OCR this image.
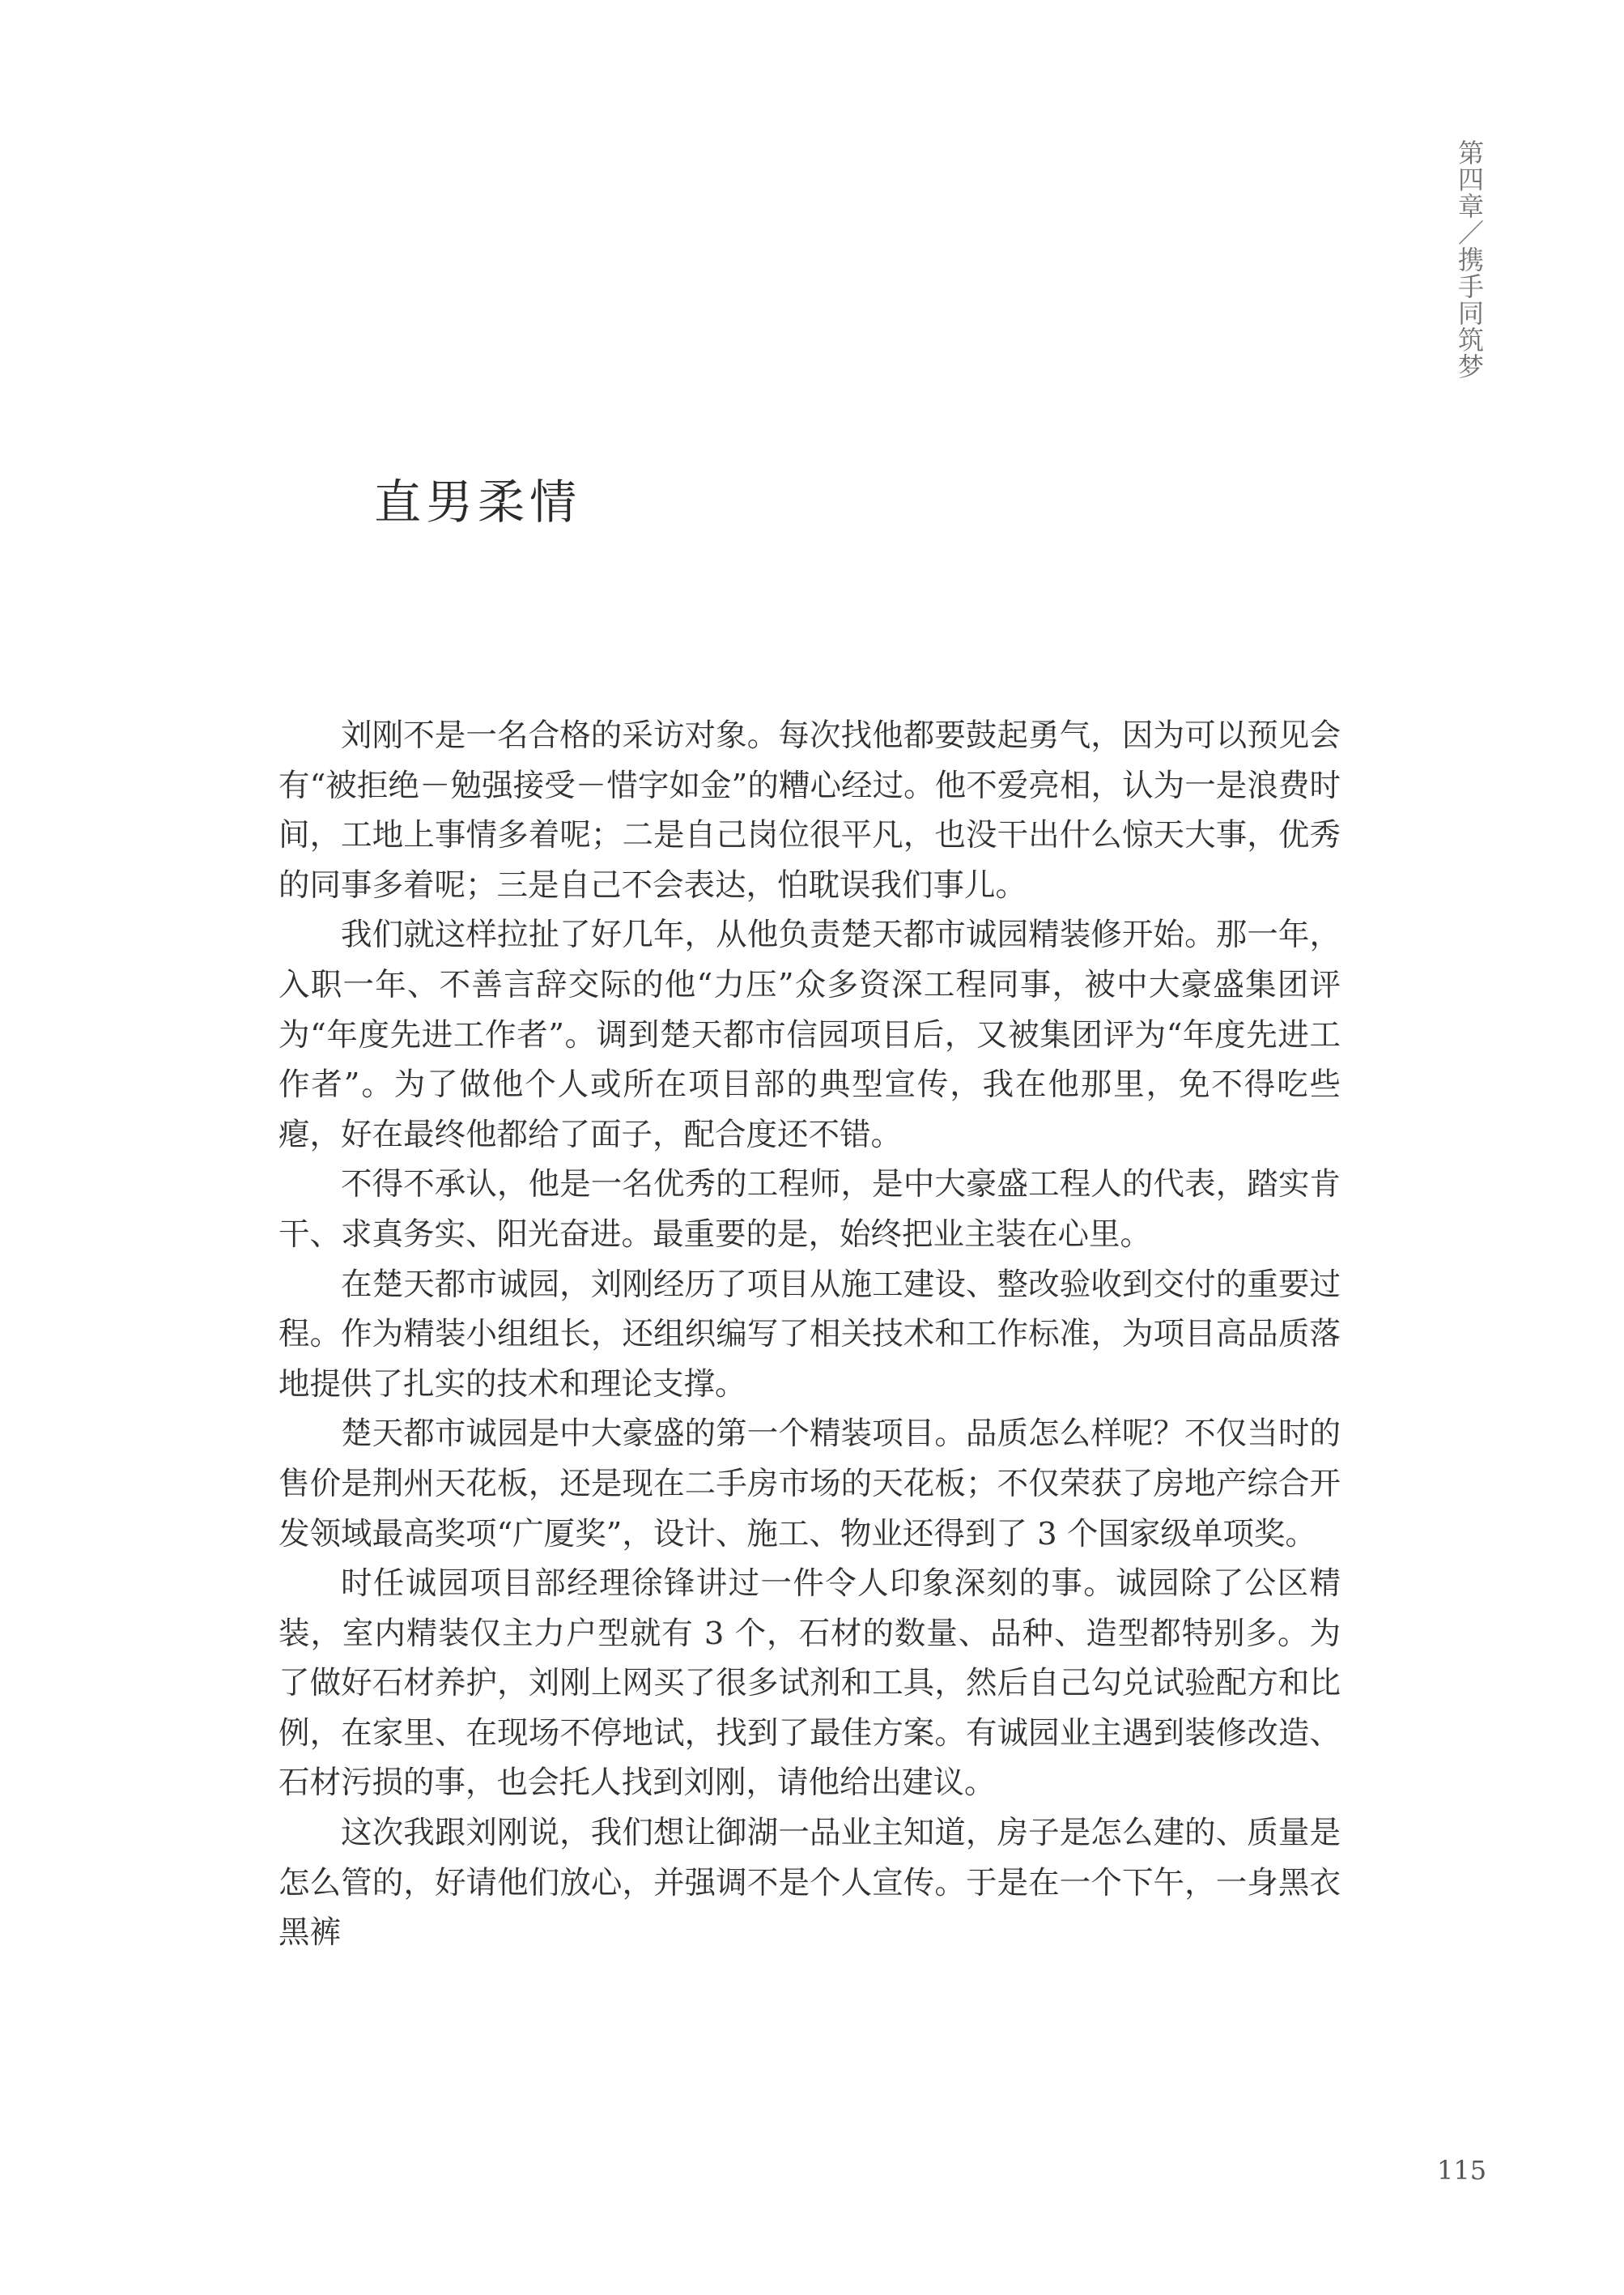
第四章／携手同筑梦
直男柔情

刘刚不是一名合格的采访对象。每次找他都要鼓起勇气，因为可以预见会有“被拒绝－勉强接受－惜字如金”的糟心经过。他不爱亮相，认为一是浪费时间，工地上事情多着呢；二是自己岗位很平凡，也没干出什么惊天大事，优秀的同事多着呢；三是自己不会表达，怕耽误我们事儿。

我们就这样拉扯了好几年，从他负责楚天都市诚园精装修开始。那一年，入职一年、不善言辞交际的他“力压”众多资深工程同事，被中大豪盛集团评为“年度先进工作者”。调到楚天都市信园项目后，又被集团评为“年度先进工作者”。为了做他个人或所在项目部的典型宣传，我在他那里，免不得吃些瘪，好在最终他都给了面子，配合度还不错。

不得不承认，他是一名优秀的工程师，是中大豪盛工程人的代表，踏实肯干、求真务实、阳光奋进。最重要的是，始终把业主装在心里。

在楚天都市诚园，刘刚经历了项目从施工建设、整改验收到交付的重要过程。作为精装小组组长，还组织编写了相关技术和工作标准，为项目高品质落地提供了扎实的技术和理论支撑。

楚天都市诚园是中大豪盛的第一个精装项目。品质怎么样呢？不仅当时的售价是荆州天花板，还是现在二手房市场的天花板；不仅荣获了房地产综合开发领域最高奖项“广厦奖”，设计、施工、物业还得到了 3 个国家级单项奖。

时任诚园项目部经理徐锋讲过一件令人印象深刻的事。诚园除了公区精装，室内精装仅主力户型就有 3 个，石材的数量、品种、造型都特别多。为了做好石材养护，刘刚上网买了很多试剂和工具，然后自己勾兑试验配方和比例，在家里、在现场不停地试，找到了最佳方案。有诚园业主遇到装修改造、石材污损的事，也会托人找到刘刚，请他给出建议。

这次我跟刘刚说，我们想让御湖一品业主知道，房子是怎么建的、质量是怎么管的，好请他们放心，并强调不是个人宣传。于是在一个下午，一身黑衣黑裤

115
